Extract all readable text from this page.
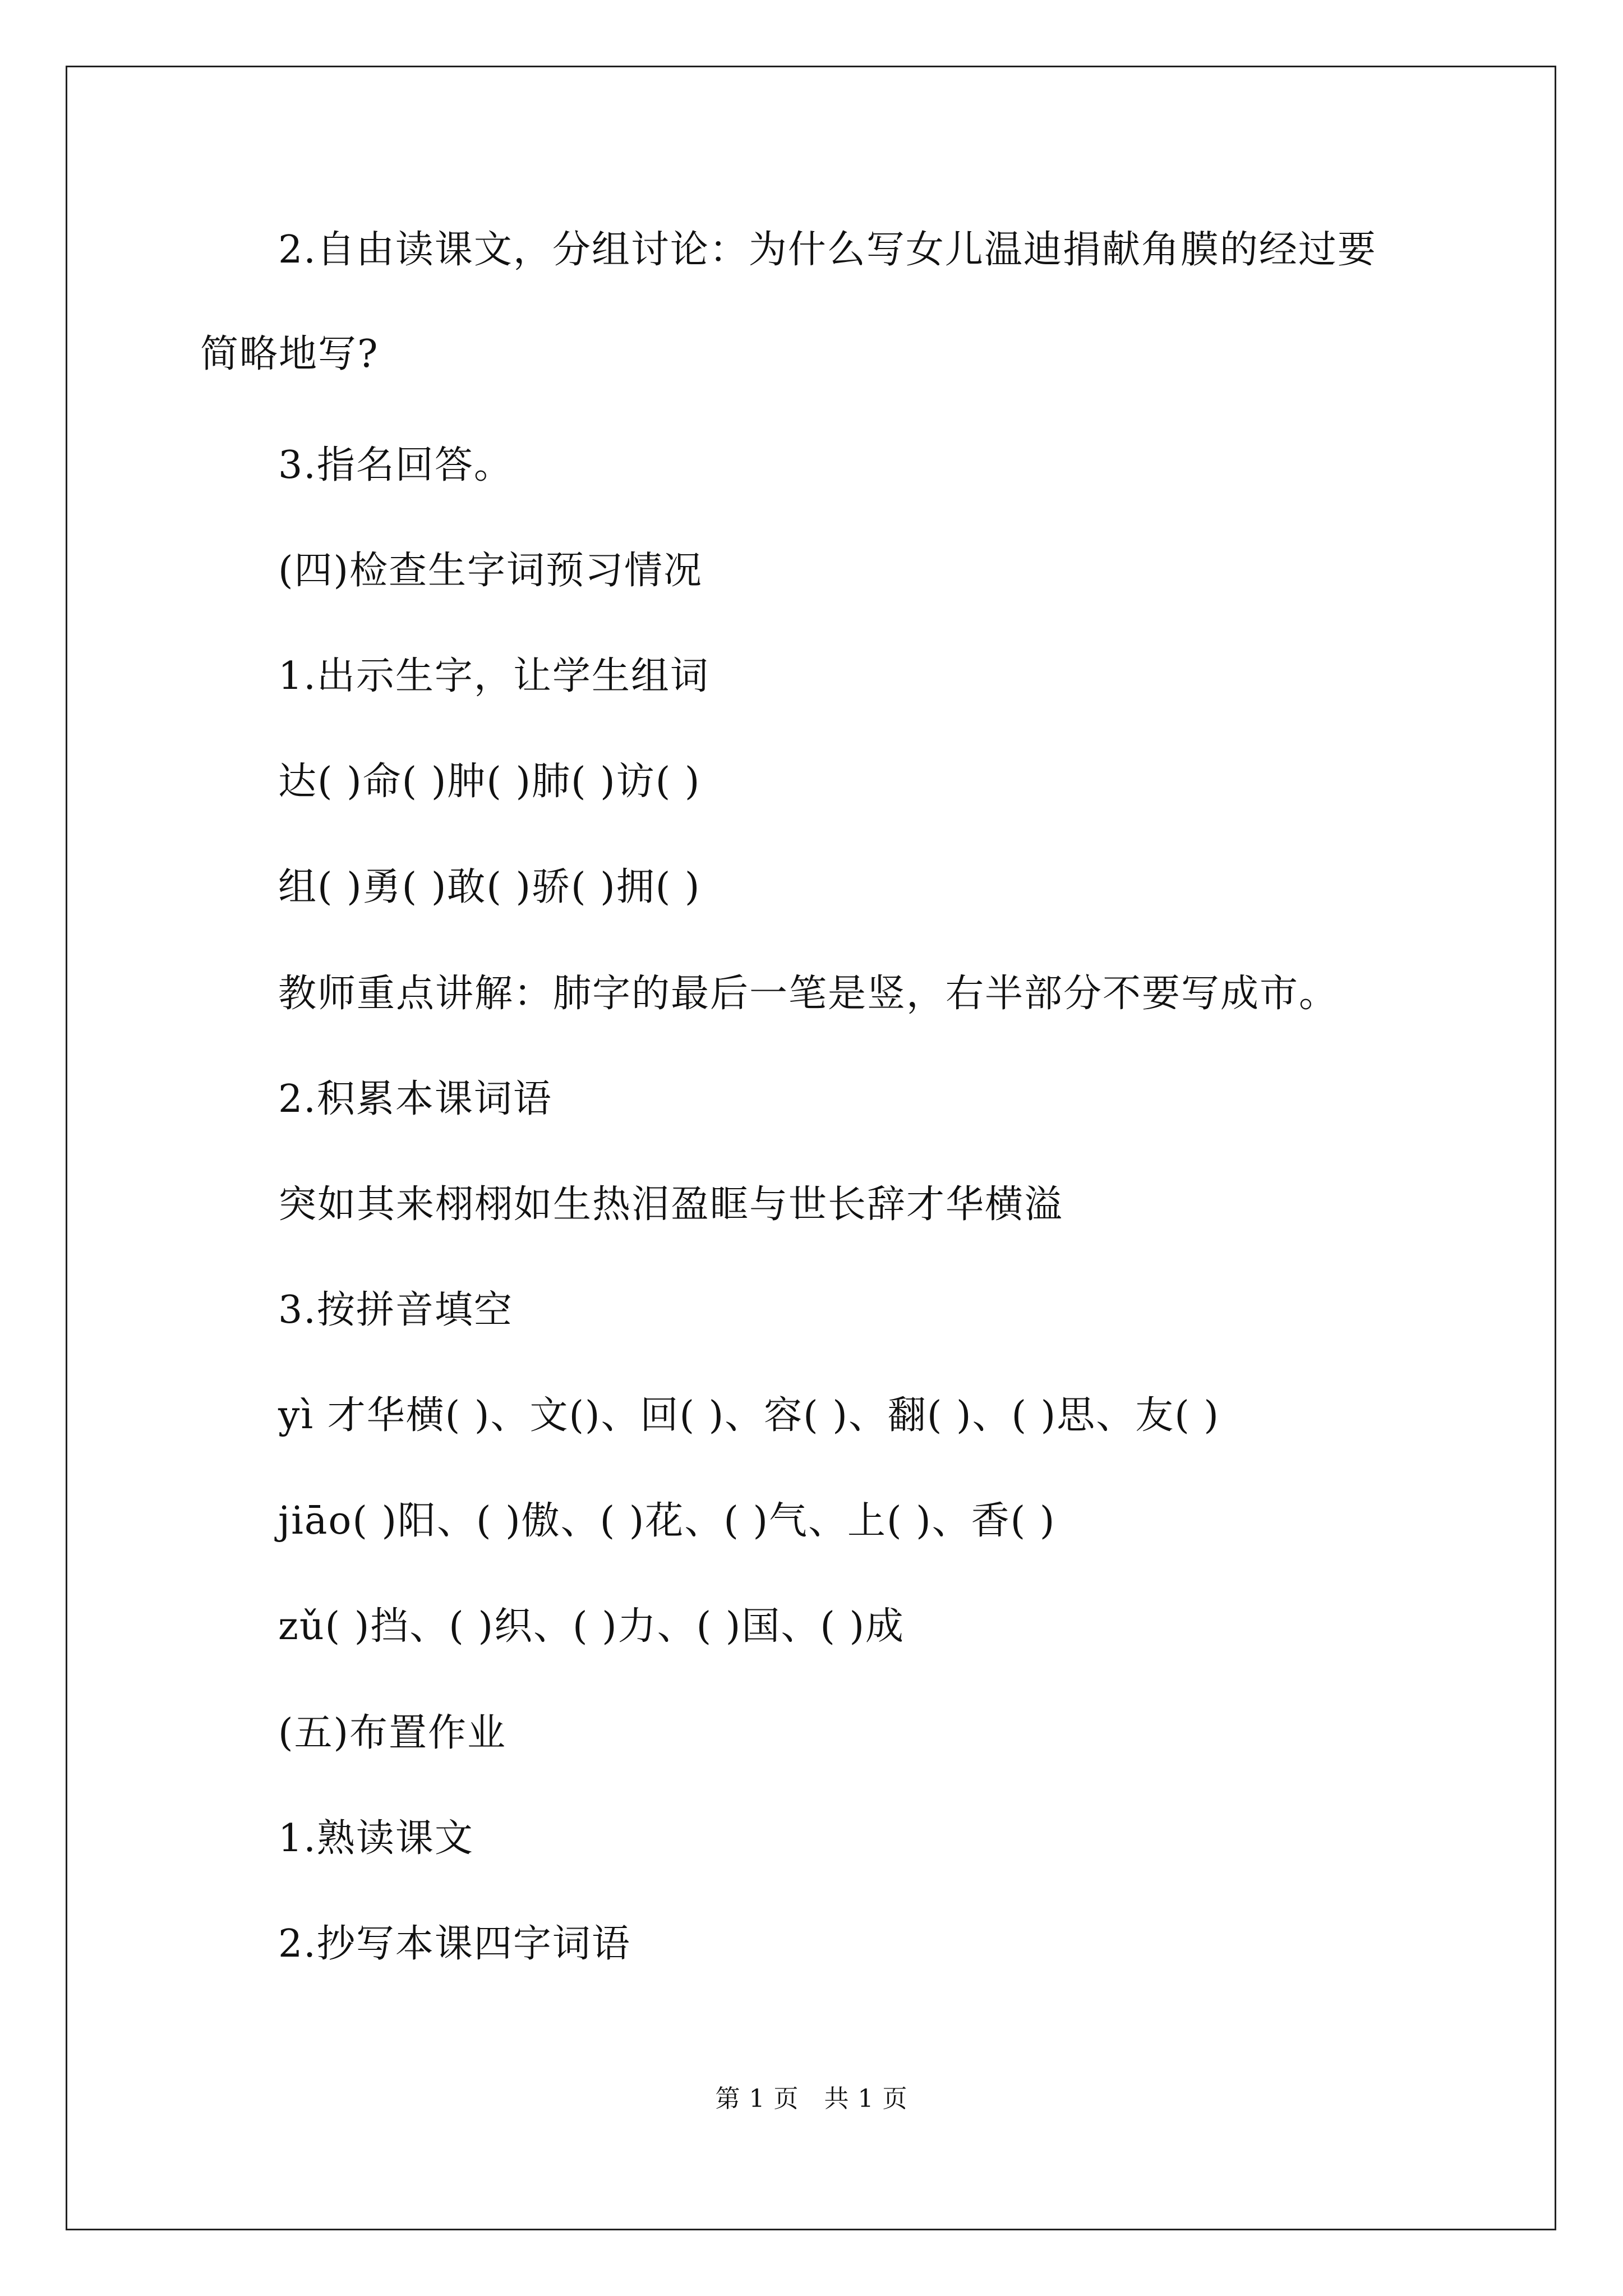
2.自由读课文，分组讨论：为什么写女儿温迪捐献角膜的经过要
简略地写?
3.指名回答。
(四)检查生字词预习情况
1.出示生字，让学生组词
达( )命( )肿( )肺( )访( )
组( )勇( )敢( )骄( )拥( )
教师重点讲解：肺字的最后一笔是竖，右半部分不要写成市。
2.积累本课词语
突如其来栩栩如生热泪盈眶与世长辞才华横溢
3.按拼音填空
yì 才华横( )、文()、回( )、容( )、翻( )、( )思、友( )
jiāo( )阳、( )傲、( )花、( )气、上( )、香( )
zǔ( )挡、( )织、( )力、( )国、( )成
(五)布置作业
1.熟读课文
2.抄写本课四字词语
第 1 页　共 1 页
